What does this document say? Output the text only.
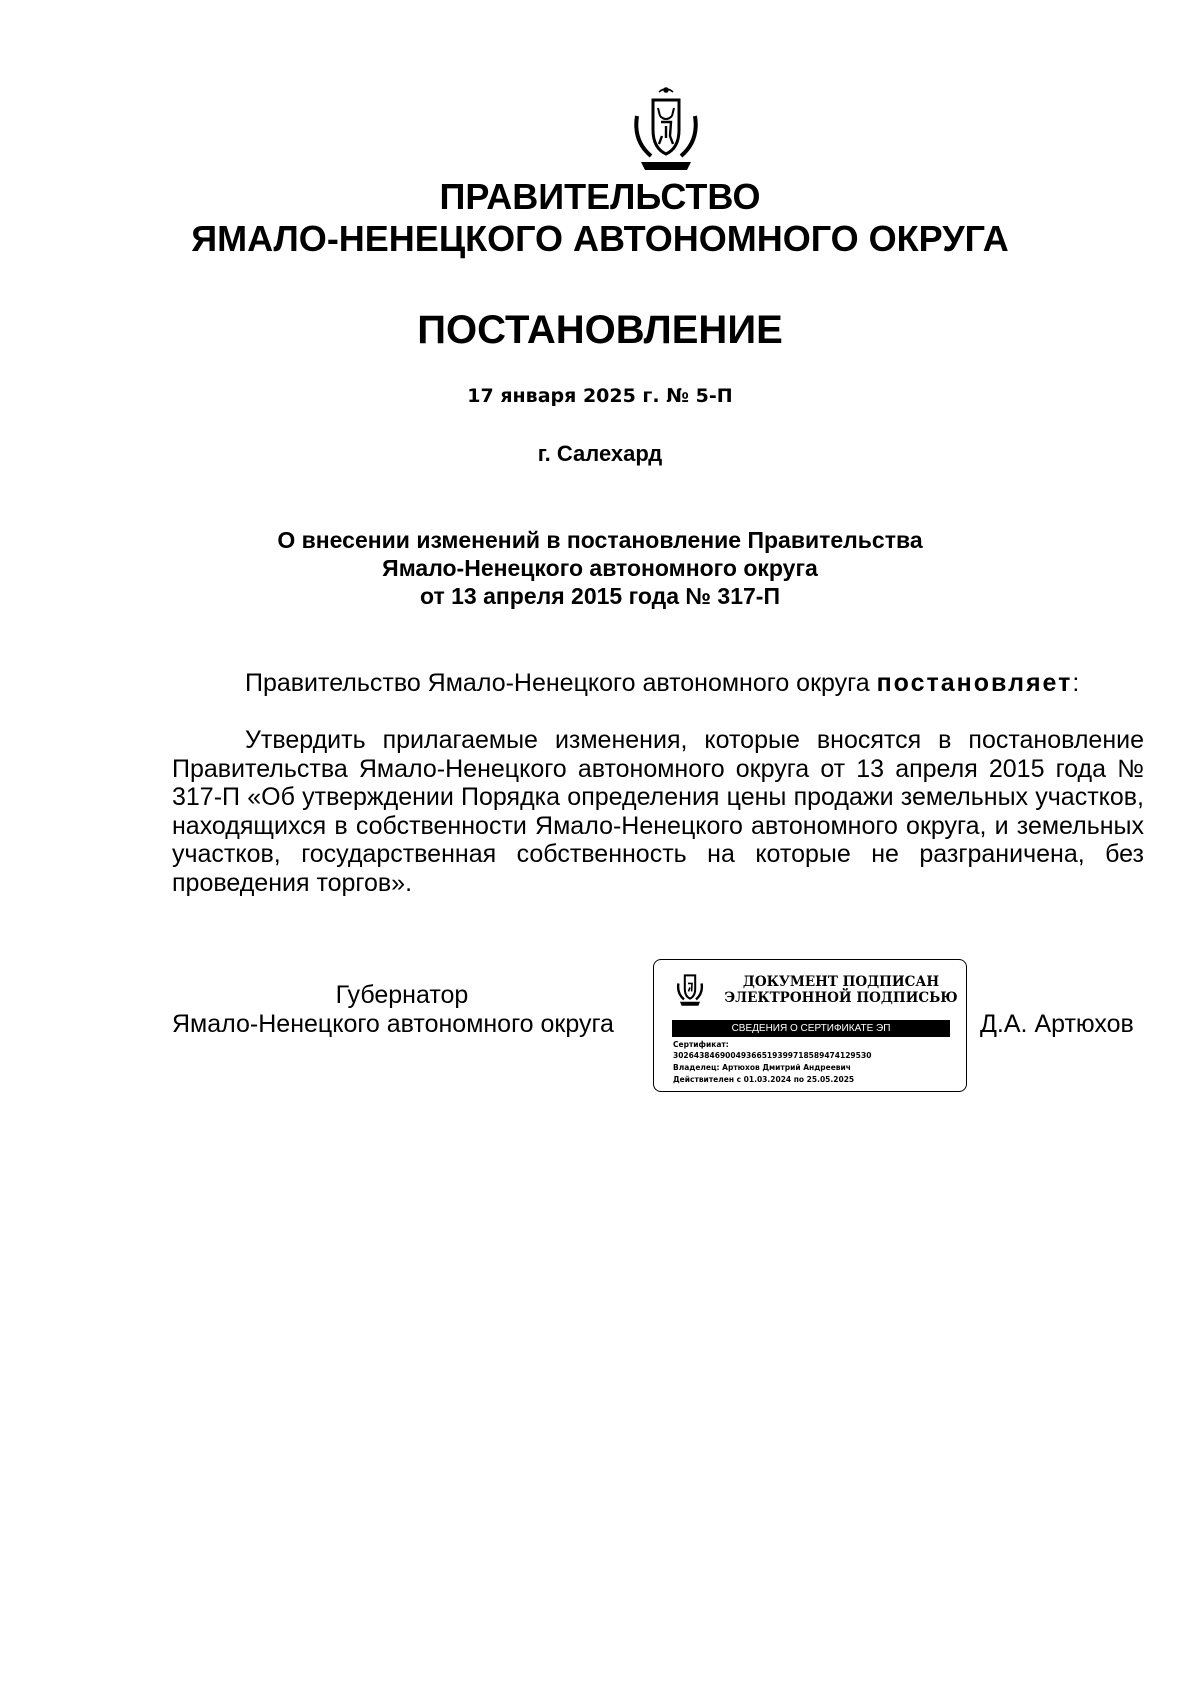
ПРАВИТЕЛЬСТВО
ЯМАЛО-НЕНЕЦКОГО АВТОНОМНОГО ОКРУГА
ПОСТАНОВЛЕНИЕ
17 января 2025 г. № 5-П
г. Салехард
О внесении изменений в постановление Правительства
Ямало-Ненецкого автономного округа
от 13 апреля 2015 года № 317-П
Правительство Ямало-Ненецкого автономного округа постановляет:
Утвердить прилагаемые изменения, которые вносятся в постановление Правительства Ямало-Ненецкого автономного округа от 13 апреля 2015 года № 317-П «Об утверждении Порядка определения цены продажи земельных участков, находящихся в собственности Ямало-Ненецкого автономного округа, и земельных участков, государственная собственность на которые не разграничена, без проведения торгов».
Губернатор
Ямало-Ненецкого автономного округа	Д.А. Артюхов
ДОКУМЕНТ ПОДПИСАН
ЭЛЕКТРОННОЙ ПОДПИСЬЮ
СВЕДЕНИЯ О СЕРТИФИКАТЕ ЭП
Сертификат:
302643846900493665193997185894741295З0
Владелец: Артюхов Дмитрий Андреевич
Действителен с 01.03.2024 по 25.05.2025
